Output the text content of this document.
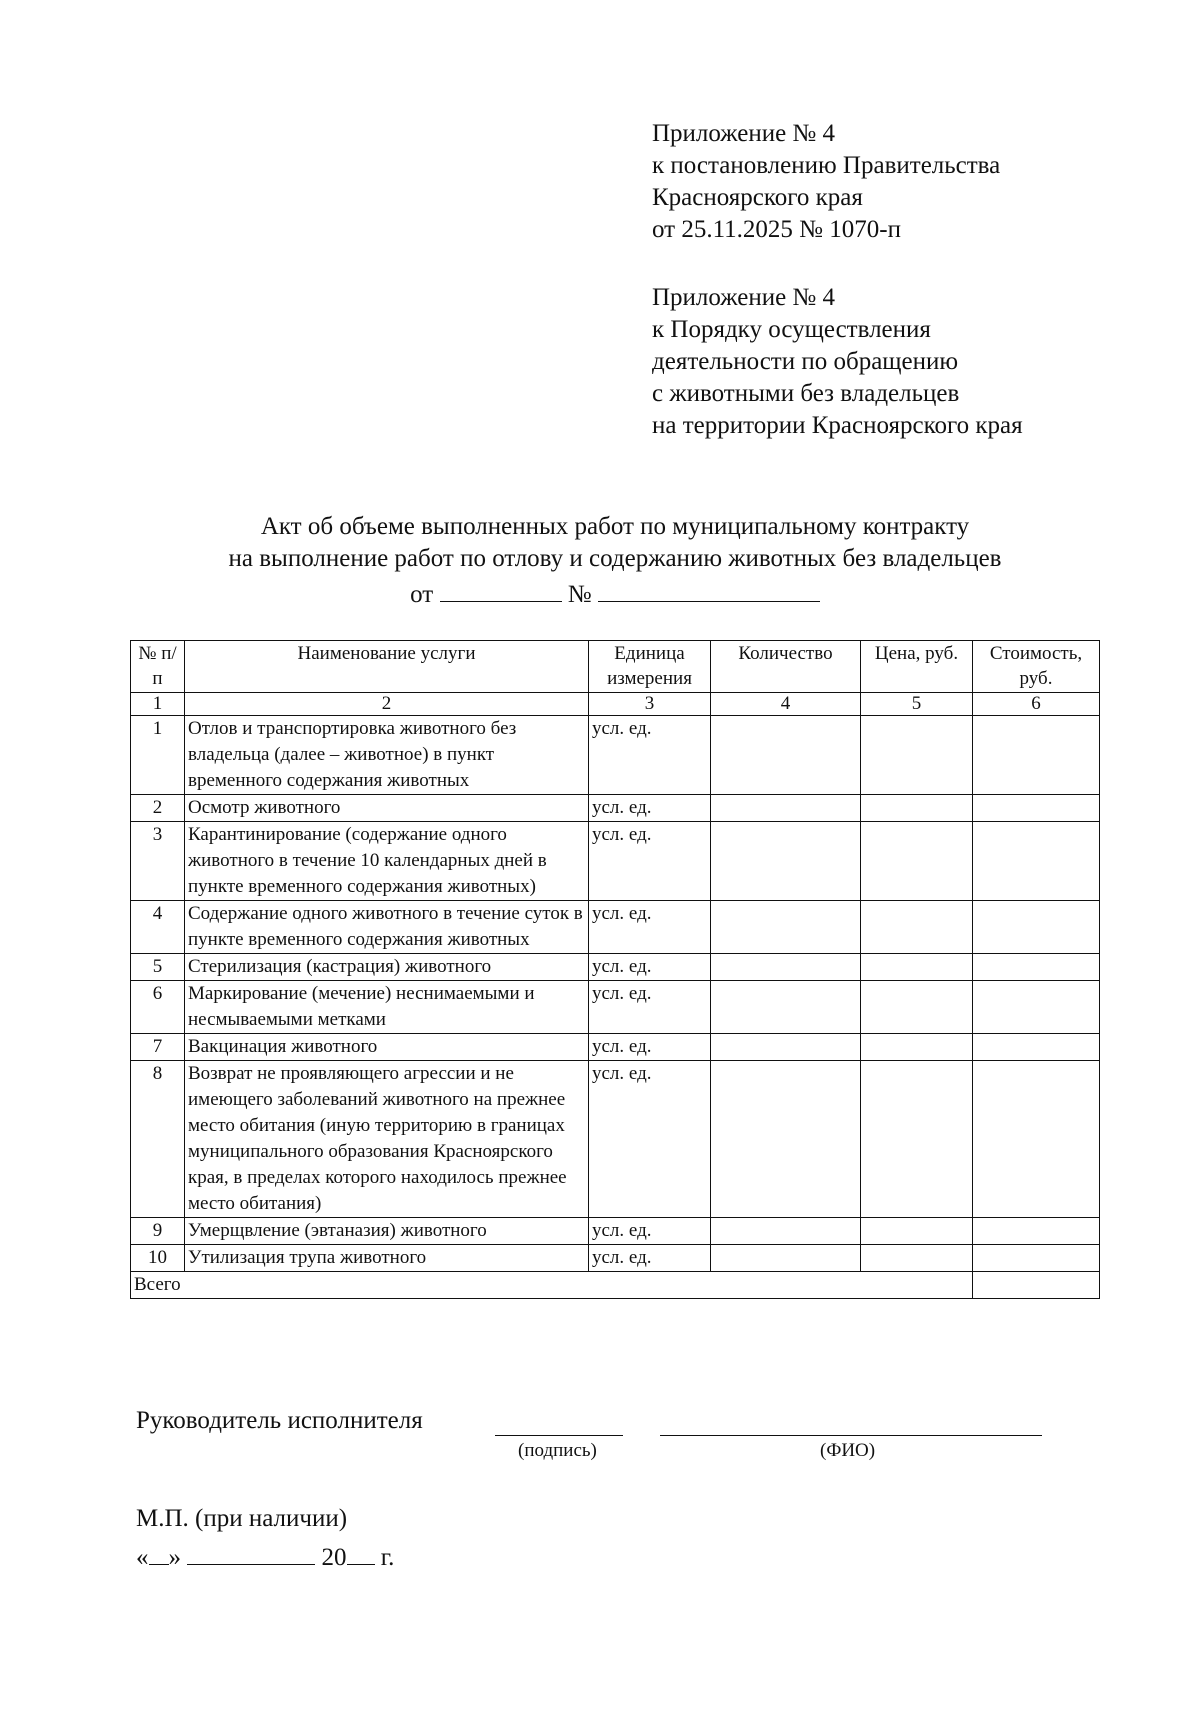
Приложение № 4
к постановлению Правительства
Красноярского края
от 25.11.2025 № 1070-п
Приложение № 4
к Порядку осуществления
деятельности по обращению
с животными без владельцев
на территории Красноярского края
Акт об объеме выполненных работ по муниципальному контракту
на выполнение работ по отлову и содержанию животных без владельцев
от	№
№ п/п	Наименование услуги	Единица измерения	Количество	Цена, руб.	Стоимость, руб.
1	2	3	4	5	6
1	Отлов и транспортировка животного без владельца (далее – животное) в пункт временного содержания животных	усл. ед.			
2	Осмотр животного	усл. ед.			
3	Карантинирование (содержание одного животного в течение 10 календарных дней в пункте временного содержания животных)	усл. ед.			
4	Содержание одного животного в течение суток в пункте временного содержания животных	усл. ед.			
5	Стерилизация (кастрация) животного	усл. ед.			
6	Маркирование (мечение) неснимаемыми и несмываемыми метками	усл. ед.			
7	Вакцинация животного	усл. ед.			
8	Возврат не проявляющего агрессии и не имеющего заболеваний животного на прежнее место обитания (иную территорию в границах муниципального образования Красноярского края, в пределах которого находилось прежнее место обитания)	усл. ед.			
9	Умерщвление (эвтаназия) животного	усл. ед.			
10	Утилизация трупа животного	усл. ед.			
Всего					
Руководитель исполнителя
(подпись)	(ФИО)
М.П. (при наличии)
« »	20 г.
